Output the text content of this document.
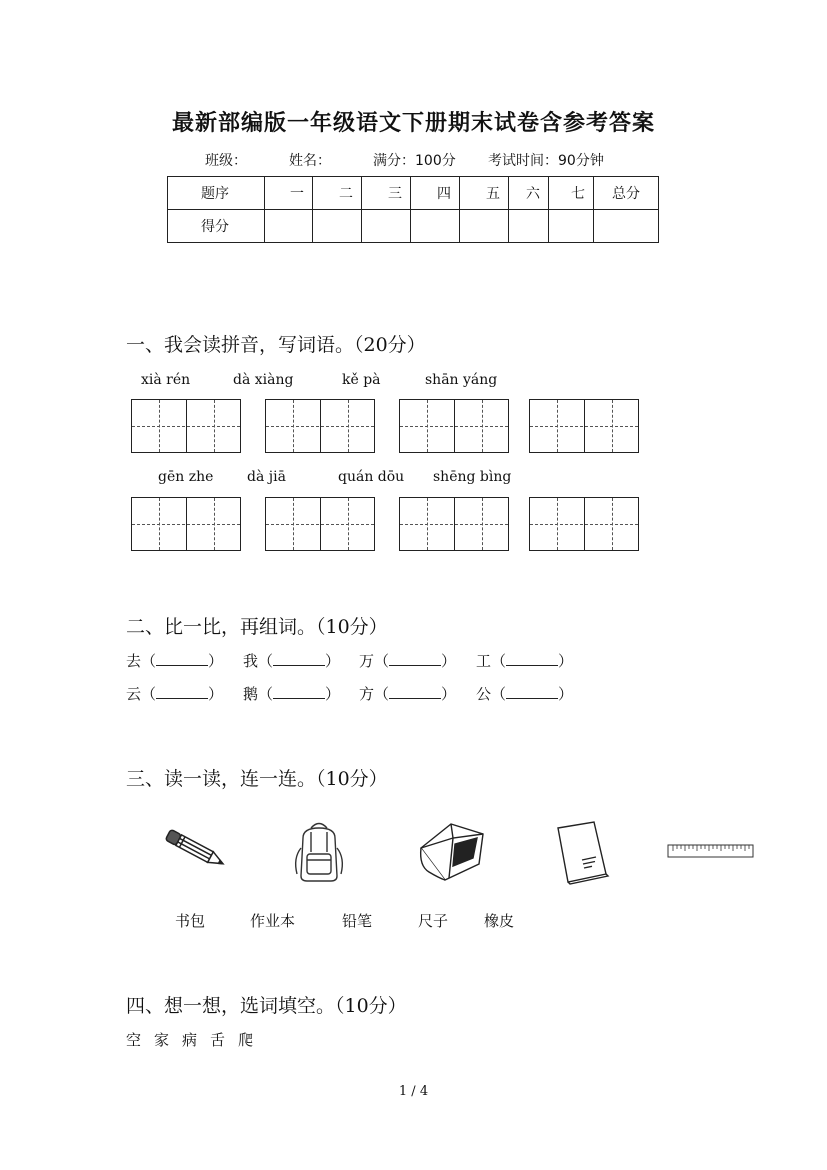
最新部编版一年级语文下册期末试卷含参考答案
班级：	姓名：	满分：100分 考试时间：90分钟
题序	一	二	三	四	五	六	七	总分
得分								
一、我会读拼音，写词语。（20分）
xià rén	dà xiàng	kě pà	shān yáng
gēn zhe dà jiā	quán dōu shēng bìng
二、比一比，再组词。（10分）
去（	） 我（	） 万（	） 工（	）
云（	） 鹅（	） 方（	） 公（	）
三、读一读，连一连。（10分）
书包	作业本	铅笔	尺子 橡皮
四、想一想，选词填空。（10分）
空 家 病 舌 爬
1 / 4
